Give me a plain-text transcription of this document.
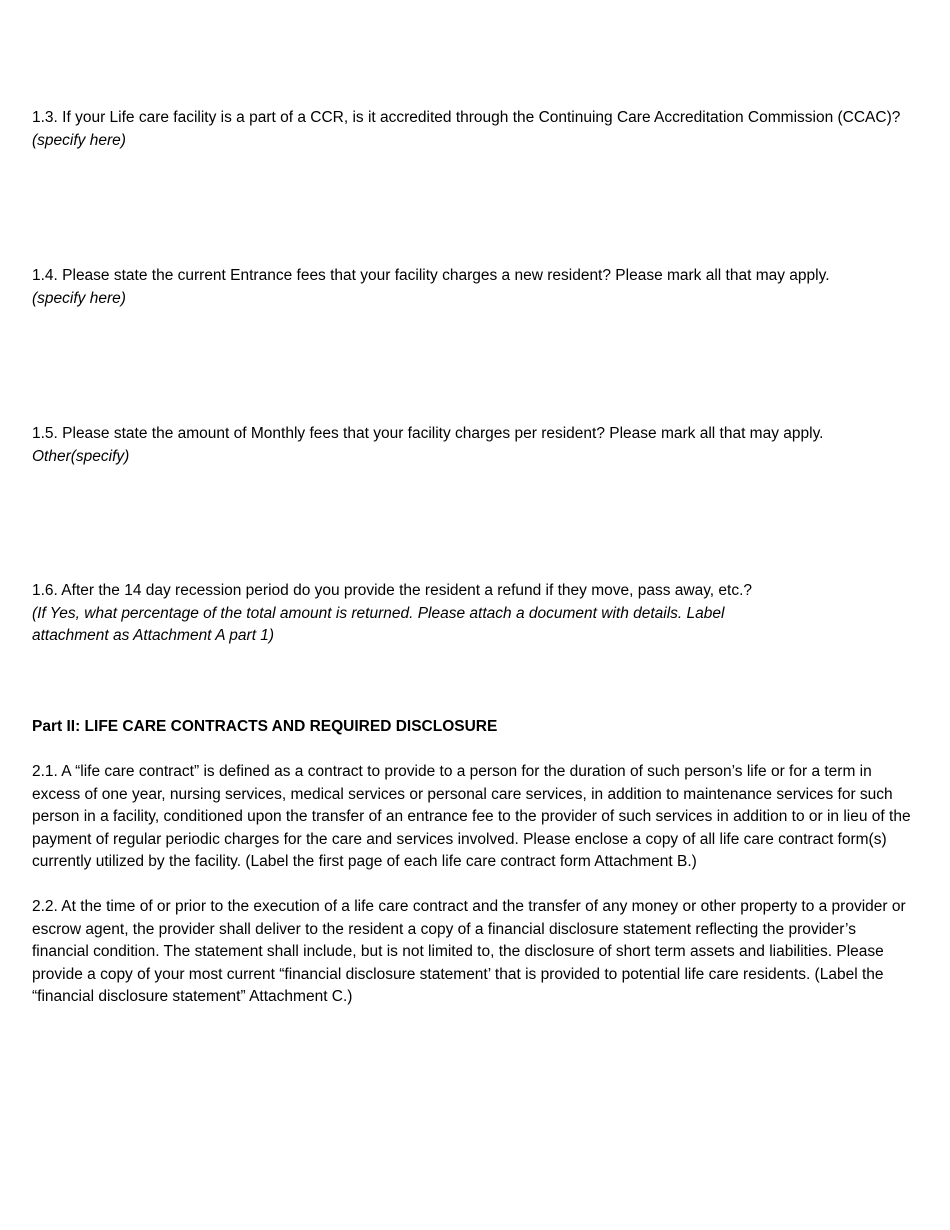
1.3. If your Life care facility is a part of a CCR, is it accredited through the Continuing Care Accreditation Commission (CCAC)?

(specify here)

1.4. Please state the current Entrance fees that your facility charges a new resident? Please mark all that may apply.

(specify here)

1.5. Please state the amount of Monthly fees that your facility charges per resident? Please mark all that may apply.

Other(specify)

1.6. After the 14 day recession period do you provide the resident a refund if they move, pass away, etc.?

(If Yes, what percentage of the total amount is returned. Please attach a document with details. Label attachment as Attachment A part 1)

Part II: LIFE CARE CONTRACTS AND REQUIRED DISCLOSURE

2.1. A “life care contract” is defined as a contract to provide to a person for the duration of such person’s life or for a term in excess of one year, nursing services, medical services or personal care services, in addition to maintenance services for such person in a facility, conditioned upon the transfer of an entrance fee to the provider of such services in addition to or in lieu of the payment of regular periodic charges for the care and services involved. Please enclose a copy of all life care contract form(s) currently utilized by the facility. (Label the first page of each life care contract form Attachment B.)

2.2. At the time of or prior to the execution of a life care contract and the transfer of any money or other property to a provider or escrow agent, the provider shall deliver to the resident a copy of a financial disclosure statement reflecting the provider’s financial condition. The statement shall include, but is not limited to, the disclosure of short term assets and liabilities. Please provide a copy of your most current “financial disclosure statement’ that is provided to potential life care residents. (Label the “financial disclosure statement” Attachment C.)
